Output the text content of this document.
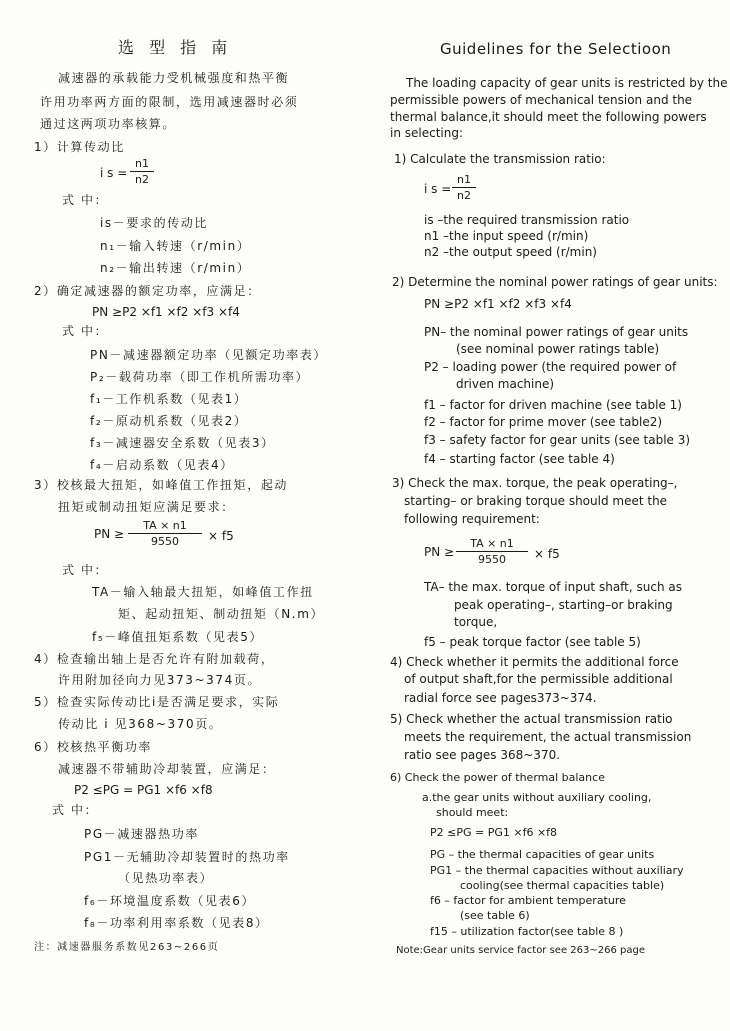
选 型 指 南
减速器的承载能力受机械强度和热平衡
许用功率两方面的限制，选用减速器时必须
通过这两项功率核算。
1）计算传动比
i s =
n1
n2
式 中：
is－要求的传动比
n₁－输入转速（r/min）
n₂－输出转速（r/min）
2）确定减速器的额定功率，应满足：
PN ≥P2 ×f1 ×f2 ×f3 ×f4
式 中：
PN－减速器额定功率（见额定功率表）
P₂－载荷功率（即工作机所需功率）
f₁－工作机系数（见表1）
f₂－原动机系数（见表2）
f₃－减速器安全系数（见表3）
f₄－启动系数（见表4）
3）校核最大扭矩，如峰值工作扭矩，起动
扭矩或制动扭矩应满足要求：
PN ≥
TA × n1
9550	× f5
式 中：
TA－输入轴最大扭矩，如峰值工作扭
矩、起动扭矩、制动扭矩（N.m）
f₅－峰值扭矩系数（见表5）
4）检查输出轴上是否允许有附加载荷，
许用附加径向力见373~374页。
5）检查实际传动比i是否满足要求，实际
传动比 i 见368~370页。
6）校核热平衡功率
减速器不带辅助冷却装置，应满足：
P2 ≤PG = PG1 ×f6 ×f8
式 中：
PG－减速器热功率
PG1－无辅助冷却装置时的热功率
（见热功率表）
f₆－环境温度系数（见表6）
f₈－功率利用率系数（见表8）
注：减速器服务系数见263~266页
Guidelines for the Selectioon
The loading capacity of gear units is restricted by the
permissible powers of mechanical tension and the
thermal balance,it should meet the following powers
in selecting:
1) Calculate the transmission ratio:
i s =
n1
n2
is –the required transmission ratio
n1 –the input speed (r/min)
n2 –the output speed (r/min)
2) Determine the nominal power ratings of gear units:
PN ≥P2 ×f1 ×f2 ×f3 ×f4
PN– the nominal power ratings of gear units
(see nominal power ratings table)
P2 – loading power (the required power of
driven machine)
f1 – factor for driven machine (see table 1)
f2 – factor for prime mover (see table2)
f3 – safety factor for gear units (see table 3)
f4 – starting factor (see table 4)
3) Check the max. torque, the peak operating–,
starting– or braking torque should meet the
following requirement:
PN ≥
TA × n1
9550	× f5
TA– the max. torque of input shaft, such as
peak operating–, starting–or braking
torque,
f5 – peak torque factor (see table 5)
4) Check whether it permits the additional force
of output shaft,for the permissible additional
radial force see pages373~374.
5) Check whether the actual transmission ratio
meets the requirement, the actual transmission
ratio see pages 368~370.
6) Check the power of thermal balance
a.the gear units without auxiliary cooling,
should meet:
P2 ≤PG = PG1 ×f6 ×f8
PG – the thermal capacities of gear units
PG1 – the thermal capacities without auxiliary
cooling(see thermal capacities table)
f6 – factor for ambient temperature
(see table 6)
f15 – utilization factor(see table 8 )
Note:Gear units service factor see 263~266 page
